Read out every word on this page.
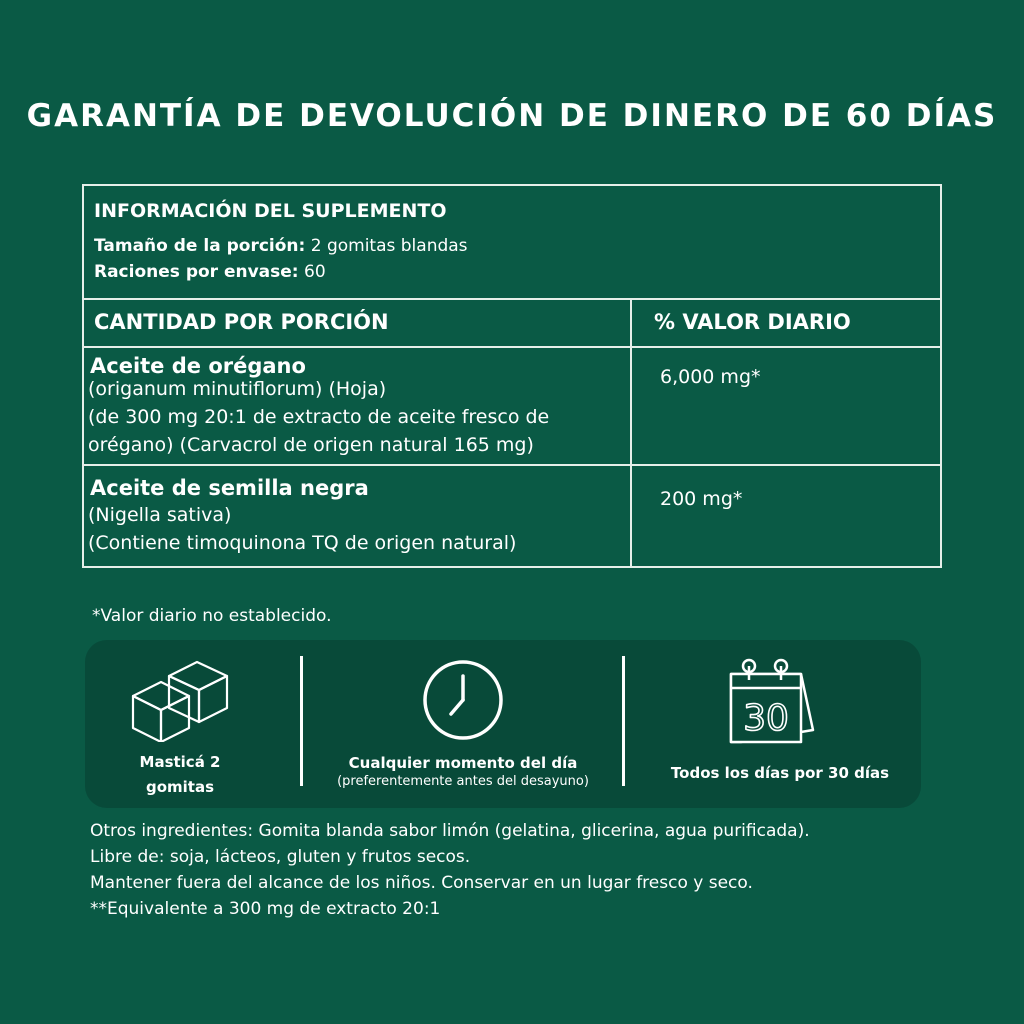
GARANTÍA DE DEVOLUCIÓN DE DINERO DE 60 DÍAS
INFORMACIÓN DEL SUPLEMENTO
Tamaño de la porción: 2 gomitas blandas
Raciones por envase: 60
CANTIDAD POR PORCIÓN	% VALOR DIARIO
Aceite de orégano
(origanum minutiflorum) (Hoja)
(de 300 mg 20:1 de extracto de aceite fresco de
orégano) (Carvacrol de origen natural 165 mg)
6,000 mg*
Aceite de semilla negra
(Nigella sativa)
(Contiene timoquinona TQ de origen natural)
200 mg*
*Valor diario no establecido.
Masticá 2
gomitas
Cualquier momento del día
(preferentemente antes del desayuno)
30
Todos los días por 30 días
Otros ingredientes: Gomita blanda sabor limón (gelatina, glicerina, agua purificada).
Libre de: soja, lácteos, gluten y frutos secos.
Mantener fuera del alcance de los niños. Conservar en un lugar fresco y seco.
**Equivalente a 300 mg de extracto 20:1
